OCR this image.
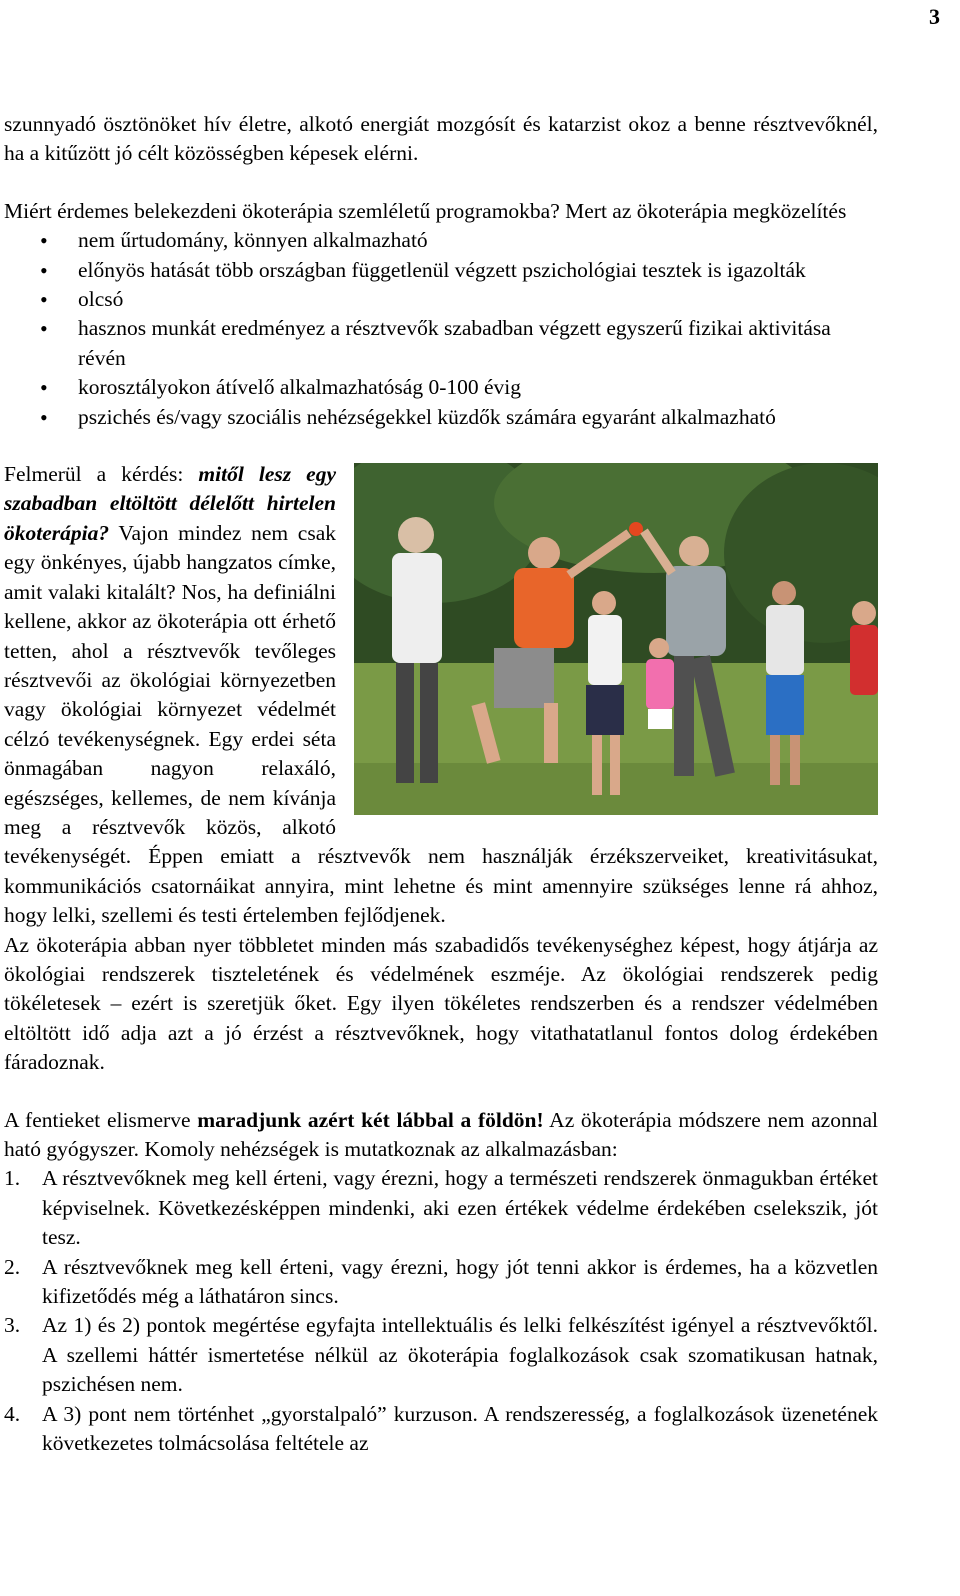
3

szunnyadó ösztönöket hív életre, alkotó energiát mozgósít és katarzist okoz a benne résztvevőknél, ha a kitűzött jó célt közösségben képesek elérni.

Miért érdemes belekezdeni ökoterápia szemléletű programokba? Mert az ökoterápia megközelítés

• nem űrtudomány, könnyen alkalmazható
• előnyös hatását több országban függetlenül végzett pszichológiai tesztek is igazolták
• olcsó
• hasznos munkát eredményez a résztvevők szabadban végzett egyszerű fizikai aktivitása révén
• korosztályokon átívelő alkalmazhatóság 0-100 évig
• pszichés és/vagy szociális nehézségekkel küzdők számára egyaránt alkalmazható

Felmerül a kérdés: mitől lesz egy szabadban eltöltött délelőtt hirtelen ökoterápia? Vajon mindez nem csak egy önkényes, újabb hangzatos címke, amit valaki kitalált? Nos, ha definiálni kellene, akkor az ökoterápia ott érhető tetten, ahol a résztvevők tevőleges résztvevői az ökológiai környezetben vagy ökológiai környezet védelmét célzó tevékenységnek. Egy erdei séta önmagában nagyon relaxáló, egészséges, kellemes, de nem kívánja meg a résztvevők közös, alkotó tevékenységét. Éppen emiatt a résztvevők nem használják érzékszerveiket, kreativitásukat, kommunikációs csatornáikat annyira, mint lehetne és mint amennyire szükséges lenne rá ahhoz, hogy lelki, szellemi és testi értelemben fejlődjenek.

Az ökoterápia abban nyer többletet minden más szabadidős tevékenységhez képest, hogy átjárja az ökológiai rendszerek tiszteletének és védelmének eszméje. Az ökológiai rendszerek pedig tökéletesek – ezért is szeretjük őket. Egy ilyen tökéletes rendszerben és a rendszer védelmében eltöltött idő adja azt a jó érzést a résztvevőknek, hogy vitathatatlanul fontos dolog érdekében fáradoznak.

A fentieket elismerve maradjunk azért két lábbal a földön! Az ökoterápia módszere nem azonnal ható gyógyszer. Komoly nehézségek is mutatkoznak az alkalmazásban:

1. A résztvevőknek meg kell érteni, vagy érezni, hogy a természeti rendszerek önmagukban értéket képviselnek. Következésképpen mindenki, aki ezen értékek védelme érdekében cselekszik, jót tesz.
2. A résztvevőknek meg kell érteni, vagy érezni, hogy jót tenni akkor is érdemes, ha a közvetlen kifizetődés még a láthatáron sincs.
3. Az 1) és 2) pontok megértése egyfajta intellektuális és lelki felkészítést igényel a résztvevőktől. A szellemi háttér ismertetése nélkül az ökoterápia foglalkozások csak szomatikusan hatnak, pszichésen nem.
4. A 3) pont nem történhet „gyorstalpaló” kurzuson. A rendszeresség, a foglalkozások üzenetének következetes tolmácsolása feltétele az
